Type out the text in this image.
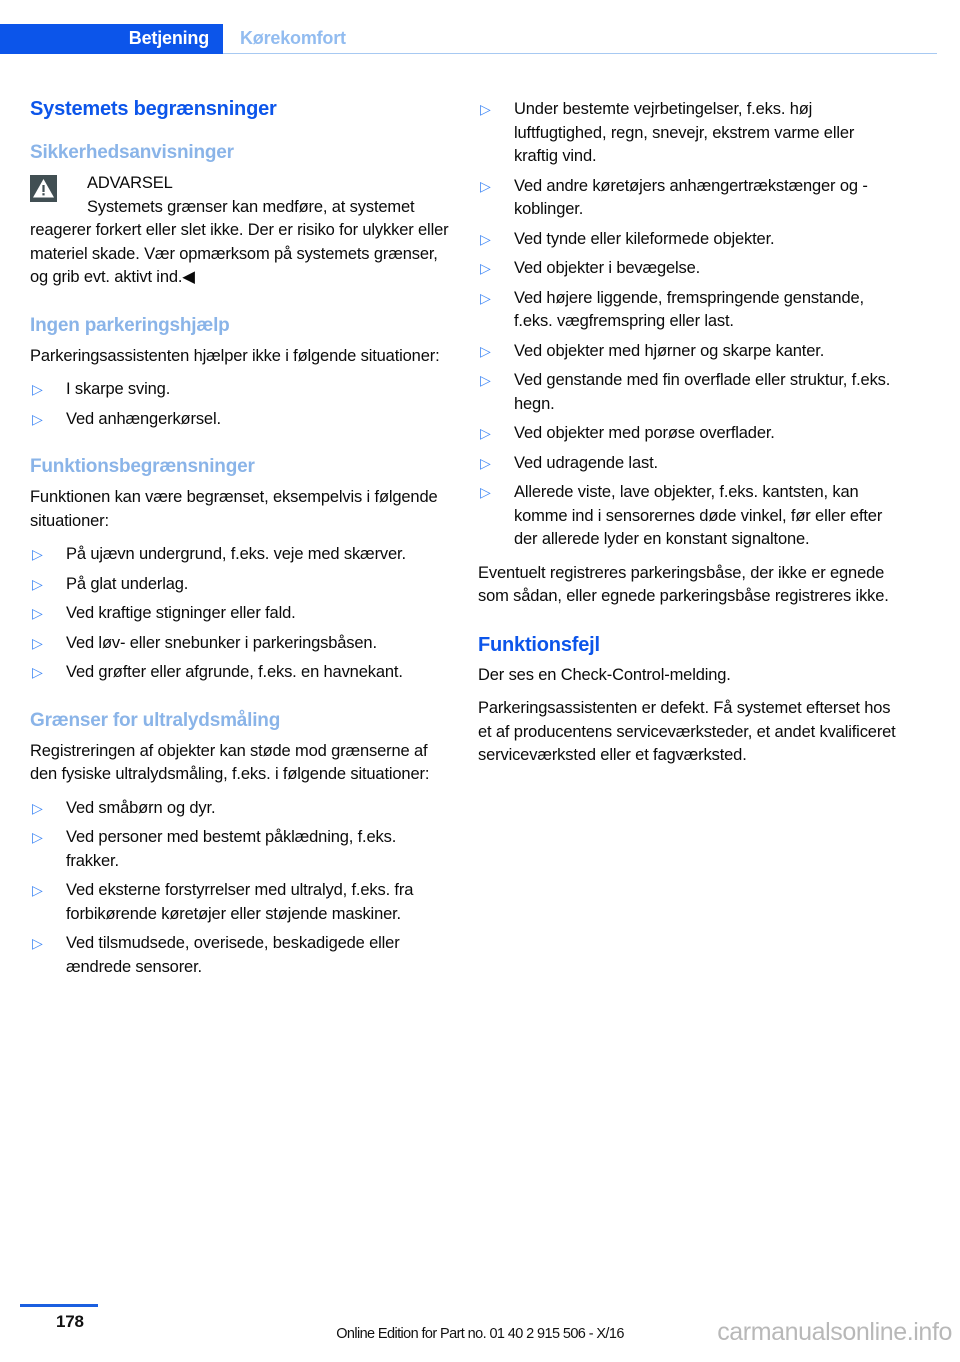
Betjening Kørekomfort
Systemets begrænsninger
Sikkerhedsanvisninger

ADVARSEL

Systemets grænser kan medføre, at systemet reagerer forkert eller slet ikke. Der er risiko for ulykker eller materiel skade. Vær opmærksom på systemets grænser, og grib evt. aktivt ind.◀

Ingen parkeringshjælp

Parkeringsassistenten hjælper ikke i følgende situationer:

▷ I skarpe sving.
▷ Ved anhængerkørsel.
Funktionsbegrænsninger

Funktionen kan være begrænset, eksempelvis i følgende situationer:

▷ På ujævn undergrund, f.eks. veje med skærver.
▷ På glat underlag.
▷ Ved kraftige stigninger eller fald.
▷ Ved løv- eller snebunker i parkeringsbåsen.
▷ Ved grøfter eller afgrunde, f.eks. en havnekant.
Grænser for ultralydsmåling

Registreringen af objekter kan støde mod grænserne af den fysiske ultralydsmåling, f.eks. i følgende situationer:

▷ Ved småbørn og dyr.
▷ Ved personer med bestemt påklædning, f.eks. frakker.
▷ Ved eksterne forstyrrelser med ultralyd, f.eks. fra forbikørende køretøjer eller støjende maskiner.
▷ Ved tilsmudsede, overisede, beskadigede eller ændrede sensorer.
▷ Under bestemte vejrbetingelser, f.eks. høj luftfugtighed, regn, snevejr, ekstrem varme eller kraftig vind.
▷ Ved andre køretøjers anhængertrækstænger og -koblinger.
▷ Ved tynde eller kileformede objekter.
▷ Ved objekter i bevægelse.
▷ Ved højere liggende, fremspringende genstande, f.eks. vægfremspring eller last.
▷ Ved objekter med hjørner og skarpe kanter.
▷ Ved genstande med fin overflade eller struktur, f.eks. hegn.
▷ Ved objekter med porøse overflader.
▷ Ved udragende last.
▷ Allerede viste, lave objekter, f.eks. kantsten, kan komme ind i sensorernes døde vinkel, før eller efter der allerede lyder en konstant signaltone.

Eventuelt registreres parkeringsbåse, der ikke er egnede som sådan, eller egnede parkeringsbåse registreres ikke.

Funktionsfejl

Der ses en Check-Control-melding.

Parkeringsassistenten er defekt. Få systemet efterset hos et af producentens serviceværksteder, et andet kvalificeret serviceværksted eller et fagværksted.

178
Online Edition for Part no. 01 40 2 915 506 - X/16	carmanualsonline.info
